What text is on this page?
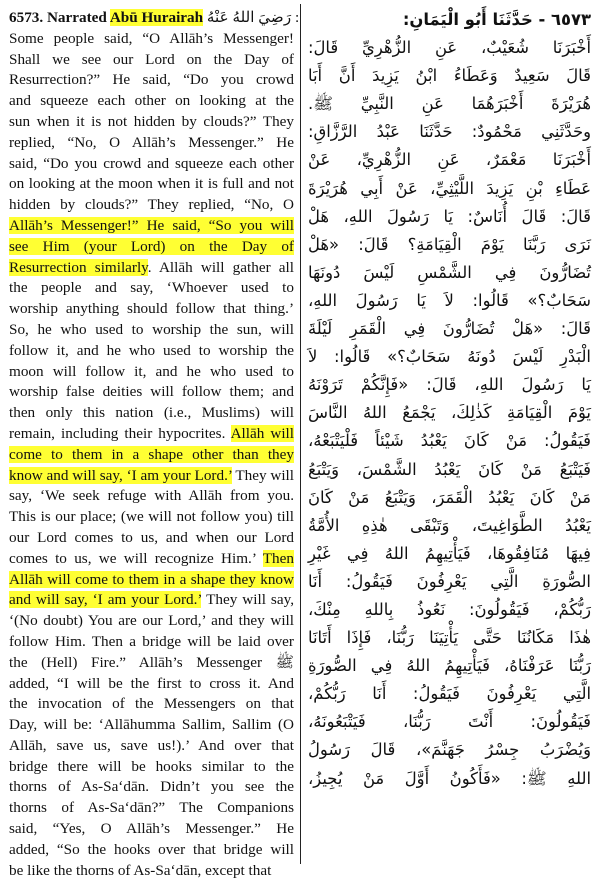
6573. Narrated Abū Hurairah رَضِيَ اللهُ عَنْهُ :
Some people said, “O Allāh’s Messenger!
Shall we see our Lord on the Day of
Resurrection?” He said, “Do you crowd
and squeeze each other on looking at the
sun when it is not hidden by clouds?” They
replied, “No, O Allāh’s Messenger.” He
said, “Do you crowd and squeeze each other
on looking at the moon when it is full and not
hidden by clouds?” They replied, “No, O
Allāh’s Messenger!” He said, “So you will
see Him (your Lord) on the Day of
Resurrection similarly. Allāh will gather all
the people and say, ‘Whoever used to
worship anything should follow that thing.’
So, he who used to worship the sun, will
follow it, and he who used to worship the
moon will follow it, and he who used to
worship false deities will follow them; and
then only this nation (i.e., Muslims) will
remain, including their hypocrites. Allāh will
come to them in a shape other than they
know and will say, ‘I am your Lord.’ They will
say, ‘We seek refuge with Allāh from you.
This is our place; (we will not follow you) till
our Lord comes to us, and when our Lord
comes to us, we will recognize Him.’ Then
Allāh will come to them in a shape they know
and will say, ‘I am your Lord.’ They will say,
‘(No doubt) You are our Lord,’ and they will
follow Him. Then a bridge will be laid over
the (Hell) Fire.” Allāh’s Messenger ﷺ
added, “I will be the first to cross it. And
the invocation of the Messengers on that
Day, will be: ‘Allāhumma Sallim, Sallim (O
Allāh, save us, save us!).’ And over that
bridge there will be hooks similar to the
thorns of As-Sa‘dān. Didn’t you see the
thorns of As-Sa‘dān?” The Companions
said, “Yes, O Allāh’s Messenger.” He
added, “So the hooks over that bridge will
be like the thorns of As-Sa‘dān, except that
٦٥٧٣ - حَدَّثَنَا أَبُو الْيَمَانِ:
أَخْبَرَنَا شُعَيْبٌ، عَنِ الزُّهْرِيِّ قَالَ:
قَالَ سَعِيدٌ وَعَطَاءُ ابْنُ يَزِيدَ أَنَّ أَبَا
هُرَيْرَةَ أَخْبَرَهُمَا عَنِ النَّبِيِّ ﷺ.
وحَدَّثَنِي مَحْمُودٌ: حَدَّثَنَا عَبْدُ الرَّزَّاقِ:
أَخْبَرَنَا مَعْمَرٌ، عَنِ الزُّهْرِيِّ، عَنْ
عَطَاءِ بْنِ يَزِيدَ اللَّيْثِيِّ، عَنْ أَبِي هُرَيْرَةَ
قَالَ: قَالَ أُنَاسٌ: يَا رَسُولَ اللهِ، هَلْ
نَرَى رَبَّنَا يَوْمَ الْقِيَامَةِ؟ قَالَ: «هَلْ
تُضَارُّونَ فِي الشَّمْسِ لَيْسَ دُونَهَا
سَحَابٌ؟» قَالُوا: لاَ يَا رَسُولَ اللهِ،
قَالَ: «هَلْ تُضَارُّونَ فِي الْقَمَرِ لَيْلَةَ
الْبَدْرِ لَيْسَ دُونَهُ سَحَابٌ؟» قَالُوا: لاَ
يَا رَسُولَ اللهِ، قَالَ: «فَإِنَّكُمْ تَرَوْنَهُ
يَوْمَ الْقِيَامَةِ كَذٰلِكَ، يَجْمَعُ اللهُ النَّاسَ
فَيَقُولُ: مَنْ كَانَ يَعْبُدُ شَيْئاً فَلْيَتْبَعْهُ،
فَيَتْبَعُ مَنْ كَانَ يَعْبُدُ الشَّمْسَ، وَيَتْبَعُ
مَنْ كَانَ يَعْبُدُ الْقَمَرَ، وَيَتْبَعُ مَنْ كَانَ
يَعْبُدُ الطَّوَاغِيتَ، وَتَبْقَى هٰذِهِ الأُمَّةُ
فِيهَا مُنَافِقُوهَا، فَيَأْتِيهِمُ اللهُ فِي غَيْرِ
الصُّورَةِ الَّتِي يَعْرِفُونَ فَيَقُولُ: أَنَا
رَبُّكُمْ، فَيَقُولُونَ: نَعُوذُ بِاللهِ مِنْكَ،
هٰذَا مَكَانُنَا حَتَّى يَأْتِيَنَا رَبُّنَا، فَإِذَا أَتَانَا
رَبُّنَا عَرَفْنَاهُ، فَيَأْتِيهِمُ اللهُ فِي الصُّورَةِ
الَّتِي يَعْرِفُونَ فَيَقُولُ: أَنَا رَبُّكُمْ،
فَيَقُولُونَ: أَنْتَ رَبُّنَا، فَيَتْبَعُونَهُ،
وَيُضْرَبُ جِسْرُ جَهَنَّمَ»، قَالَ رَسُولُ
اللهِ ﷺ: «فَأَكُونُ أَوَّلَ مَنْ يُجِيزُ،
